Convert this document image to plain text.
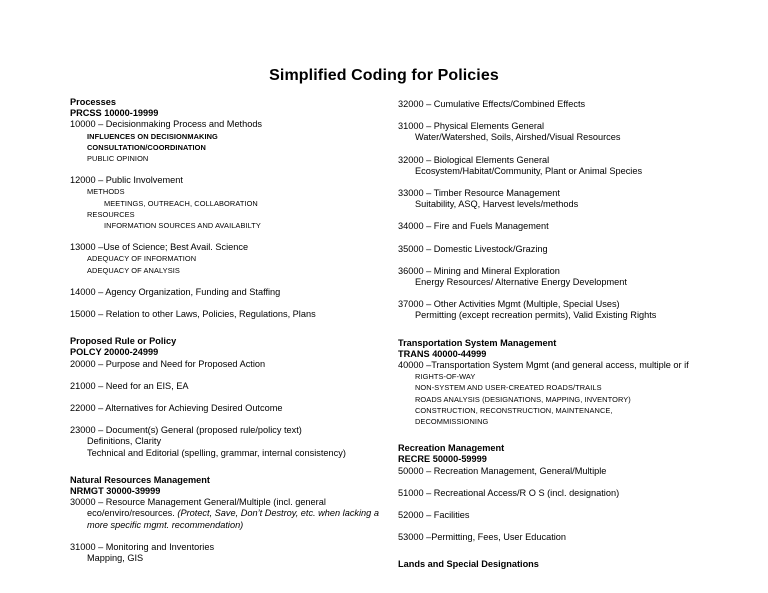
Simplified Coding for Policies
Processes
PRCSS 10000-19999
10000 – Decisionmaking Process and Methods
INFLUENCES ON DECISIONMAKING
CONSULTATION/COORDINATION
PUBLIC OPINION
12000 – Public Involvement
METHODS
MEETINGS, OUTREACH, COLLABORATION
RESOURCES
INFORMATION SOURCES AND AVAILABILTY
13000 –Use of Science; Best Avail. Science
ADEQUACY OF INFORMATION
ADEQUACY OF ANALYSIS
14000 – Agency Organization, Funding and Staffing
15000 – Relation to other Laws, Policies, Regulations, Plans
Proposed Rule or Policy
POLCY 20000-24999
20000 – Purpose and Need for Proposed Action
21000 – Need for an EIS, EA
22000 – Alternatives for Achieving Desired Outcome
23000 – Document(s) General (proposed rule/policy text)
Definitions, Clarity
Technical and Editorial (spelling, grammar, internal consistency)
Natural Resources Management
NRMGT 30000-39999
30000 – Resource Management General/Multiple (incl. general
eco/enviro/resources. (Protect, Save, Don’t Destroy, etc. when lacking a more specific mgmt. recommendation)
31000 – Monitoring and Inventories
Mapping, GIS
32000 – Cumulative Effects/Combined Effects
31000 – Physical Elements General
Water/Watershed, Soils, Airshed/Visual Resources
32000 – Biological Elements General
Ecosystem/Habitat/Community, Plant or Animal Species
33000 – Timber Resource Management
Suitability, ASQ, Harvest levels/methods
34000 – Fire and Fuels Management
35000 – Domestic Livestock/Grazing
36000 – Mining and Mineral Exploration
Energy Resources/ Alternative Energy Development
37000 – Other Activities Mgmt (Multiple, Special Uses)
Permitting (except recreation permits), Valid Existing Rights
Transportation System Management
TRANS 40000-44999
40000 –Transportation System Mgmt (and general access, multiple or if
RIGHTS-OF-WAY
NON-SYSTEM AND USER-CREATED ROADS/TRAILS
ROADS ANALYSIS (DESIGNATIONS, MAPPING, INVENTORY)
CONSTRUCTION, RECONSTRUCTION, MAINTENANCE,
DECOMMISSIONING
Recreation Management
RECRE 50000-59999
50000 – Recreation Management, General/Multiple
51000 – Recreational Access/R O S (incl. designation)
52000 – Facilities
53000 –Permitting, Fees, User Education
Lands and Special Designations
